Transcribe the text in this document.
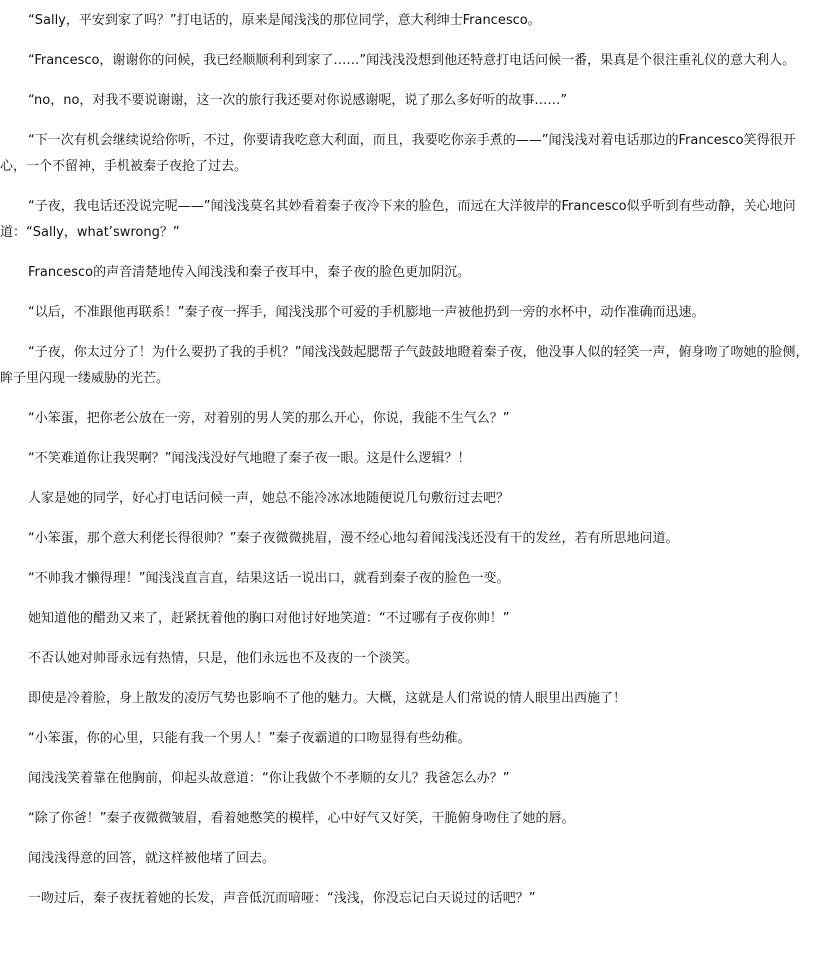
“Sally，平安到家了吗？”打电话的，原来是闻浅浅的那位同学，意大利绅士Francesco。

“Francesco，谢谢你的问候，我已经顺顺利利到家了……”闻浅浅没想到他还特意打电话问候一番，果真是个很注重礼仪的意大利人。

“no，no，对我不要说谢谢，这一次的旅行我还要对你说感谢呢，说了那么多好听的故事……”

“下一次有机会继续说给你听，不过，你要请我吃意大利面，而且，我要吃你亲手煮的——”闻浅浅对着电话那边的Francesco笑得很开心，一个不留神，手机被秦子夜抢了过去。

“子夜，我电话还没说完呢——”闻浅浅莫名其妙看着秦子夜冷下来的脸色，而远在大洋彼岸的Francesco似乎听到有些动静，关心地问道：“Sally，what’swrong？”

Francesco的声音清楚地传入闻浅浅和秦子夜耳中，秦子夜的脸色更加阴沉。

“以后，不准跟他再联系！”秦子夜一挥手，闻浅浅那个可爱的手机膨地一声被他扔到一旁的水杯中，动作准确而迅速。

“子夜，你太过分了！为什么要扔了我的手机？”闻浅浅鼓起腮帮子气鼓鼓地瞪着秦子夜，他没事人似的轻笑一声，俯身吻了吻她的脸侧，眸子里闪现一缕威胁的光芒。

“小笨蛋，把你老公放在一旁，对着别的男人笑的那么开心，你说，我能不生气么？”

“不笑难道你让我哭啊？”闻浅浅没好气地瞪了秦子夜一眼。这是什么逻辑？！

人家是她的同学，好心打电话问候一声，她总不能冷冰冰地随便说几句敷衍过去吧？

“小笨蛋，那个意大利佬长得很帅？”秦子夜微微挑眉，漫不经心地勾着闻浅浅还没有干的发丝，若有所思地问道。

“不帅我才懒得理！”闻浅浅直言直，结果这话一说出口，就看到秦子夜的脸色一变。

她知道他的醋劲又来了，赶紧抚着他的胸口对他讨好地笑道：“不过哪有子夜你帅！”

不否认她对帅哥永远有热情，只是，他们永远也不及夜的一个淡笑。

即使是冷着脸，身上散发的凌厉气势也影响不了他的魅力。大概，这就是人们常说的情人眼里出西施了！

“小笨蛋，你的心里，只能有我一个男人！”秦子夜霸道的口吻显得有些幼稚。

闻浅浅笑着靠在他胸前，仰起头故意道：“你让我做个不孝顺的女儿？我爸怎么办？”

“除了你爸！”秦子夜微微皱眉，看着她憋笑的模样，心中好气又好笑，干脆俯身吻住了她的唇。

闻浅浅得意的回答，就这样被他堵了回去。

一吻过后，秦子夜抚着她的长发，声音低沉而喑哑：“浅浅，你没忘记白天说过的话吧？”
